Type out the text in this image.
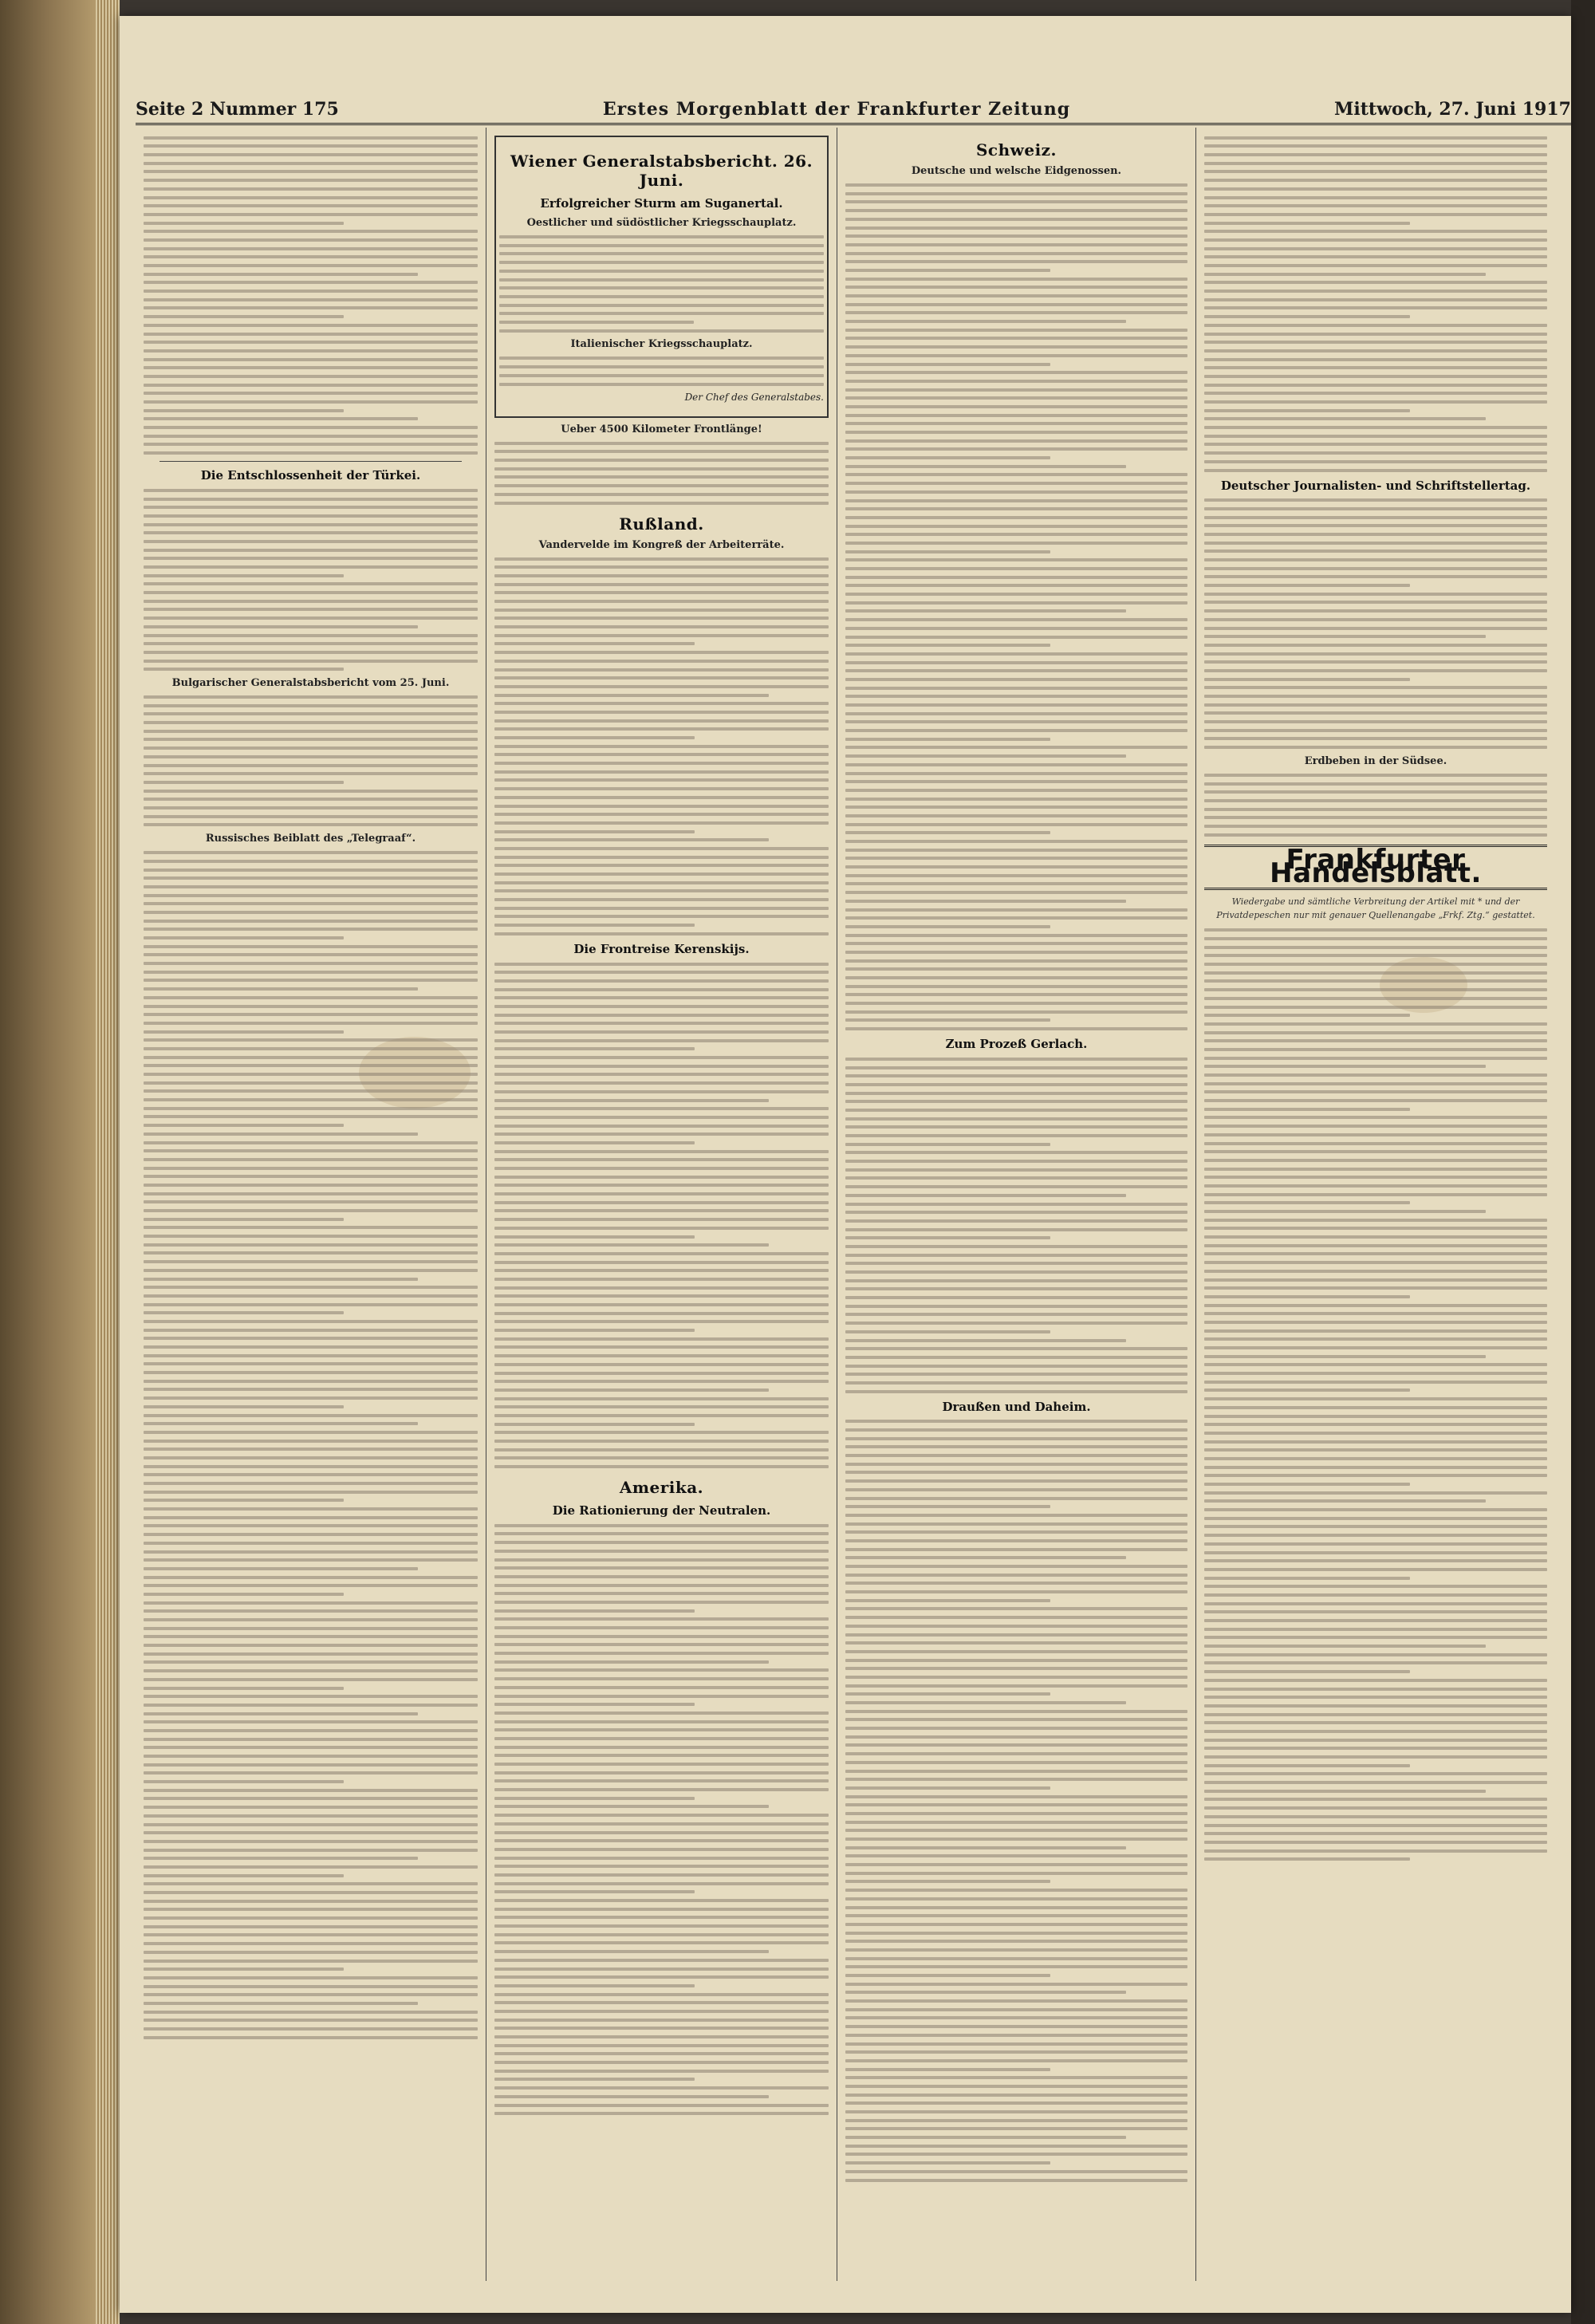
Seite 2 Nummer 175	Erstes Morgenblatt der Frankfurter Zeitung	Mittwoch, 27. Juni 1917
Die Entschlossenheit der Türkei.
Bulgarischer Generalstabsbericht vom 25. Juni.
Russisches Beiblatt des „Telegraaf“.
Wiener Generalstabsbericht. 26. Juni.
Erfolgreicher Sturm am Suganertal.
Oestlicher und südöstlicher Kriegsschauplatz.
Italienischer Kriegsschauplatz.
Der Chef des Generalstabes.
Ueber 4500 Kilometer Frontlänge!
Rußland.
Vandervelde im Kongreß der Arbeiterräte.
Die Frontreise Kerenskijs.
Amerika.
Die Rationierung der Neutralen.
Schweiz.
Deutsche und welsche Eidgenossen.
Zum Prozeß Gerlach.
Draußen und Daheim.
Deutscher Journalisten- und Schriftstellertag.
Erdbeben in der Südsee.
Frankfurter Handelsblatt.
Wiedergabe und sämtliche Verbreitung der Artikel mit * und der Privatdepeschen nur mit genauer Quellenangabe „Frkf. Ztg.“ gestattet.
